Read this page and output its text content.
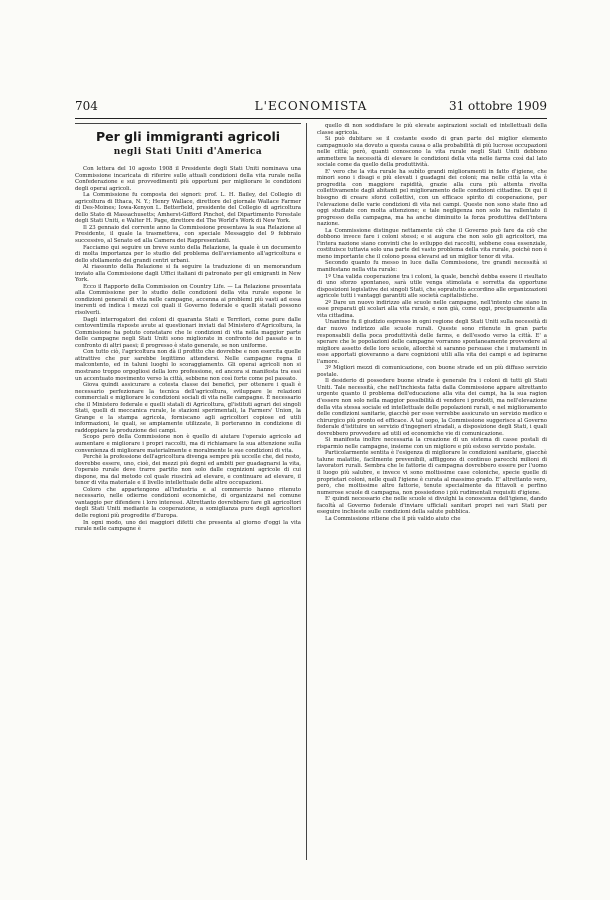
704	L'ECONOMISTA	31 ottobre 1909
Per gli immigranti agricoli
negli Stati Uniti d'America

Con lettera del 10 agosto 1908 il Presidente degli Stati Uniti nominava una Commissione incaricata di riferire sulle attuali condizioni della vita rurale nella Confederazione e sui provvedimenti più opportuni per migliorare le condizioni degli operai agricoli.

La Commissione fu composta dei signori: prof. L. H. Bailey, del Collegio di agricoltura di Ithaca, N. Y.; Henry Wallace, direttore del giornale Wallace Farmer di Des-Moines; Iowa-Kenyon L. Betterfield, presidente del Collegio di agricoltura dello Stato di Massachusetts; Amherst-Gifford Pinchot, del Dipartimento Forestale degli Stati Uniti, e Walter H. Page, direttore del The World's Work di New York.

Il 23 gennaio del corrente anno la Commissione presentava la sua Relazione al Presidente, il quale la trasmetteva, con speciale Messaggio del 9 febbraio successivo, al Senato ed alla Camera dei Rappresentanti.

Facciamo qui seguire un breve sunto della Relazione, la quale è un documento di molta importanza per lo studio del problema dell'avviamento all'agricoltura e dello sfollamento dei grandi centri urbani.

Al riassunto della Relazione si fa seguire la traduzione di un memorandum inviato alla Commissione dagli Uffici italiani di patronato per gli emigranti in New York.

Ecco il Rapporto della Commission on Country Life. — La Relazione presentata alla Commissione per lo studio delle condizioni della vita rurale espone le condizioni generali di vita nelle campagne, accenna ai problemi più vasti ad essa inerenti ed indica i mezzi coi quali il Governo federale e quelli statali possono risolverli.

Dagli interrogatori dei coloni di quaranta Stati e Territori, come pure dalle centoventimila risposte avute ai questionari inviati dal Ministero d'Agricoltura, la Commissione ha potuto constatare che le condizioni di vita nella maggior parte delle campagne negli Stati Uniti sono migliorate in confronto del passato e in confronto di altri paesi; il progresso è stato generale, se non uniforme.

Con tutto ciò, l'agricoltura non dà il profitto che dovrebbe e non esercita quelle attrattive che pur sarebbe legittimo attendersi. Nelle campagne regna il malcontento, ed in taluni luoghi lo scoraggiamento. Gli operai agricoli non si mostrano troppo orgogliosi della loro professione, ed ancora si manifesta tra essi un accentuato movimento verso la città, sebbene non così forte come pel passato.

Giova quindi assicurare a cotesta classe dei benefici, per ottenere i quali è necessario perfezionare la tecnica dell'agricoltura, sviluppare le relazioni commerciali e migliorare le condizioni sociali di vita nelle campagne. È necessario che il Ministero federale e quelli statali di Agricoltura, gl'istituti agrari dei singoli Stati, quelli di meccanica rurale, le stazioni sperimentali, la Farmers' Union, la Grange e la stampa agricola, forniscano agli agricoltori copiose ed utili informazioni, le quali, se ampiamente utilizzate, li porteranno in condizione di raddoppiare la produzione dei campi.

Scopo però della Commissione non è quello di aiutare l'operaio agricolo ad aumentare e migliorare i propri raccolti, ma di richiamare la sua attenzione sulla convenienza di migliorare materialmente e moralmente le sue condizioni di vita.

Perchè la professione dell'agricoltura divenga sempre più uccelle che, del resto, dovrebbe essere, uno, cioè, dei mezzi più degni ed ambiti per guadagnarsi la vita, l'operaio rurale deve trarre partito non solo dalle cognizioni agricole di cui dispone, ma dal metodo col quale riuscirà ad elevare, e continuare ad elevare, il tenor di vita materiale e il livello intellettuale delle altre occupazioni.

Coloro che appartengono all'industria e al commercio hanno ritenuto necessario, nelle odierne condizioni economiche, di organizzarsi nel comune vantaggio per difendere i loro interessi. Altrettanto dovrebbero fare gli agricoltori degli Stati Uniti mediante la cooperazione, a somiglianza pure degli agricoltori delle regioni più progredite d'Europa.

In ogni modo, uno dei maggiori difetti che presenta al giorno d'oggi la vita rurale nelle campagne è

quello di non soddisfare le più elevate aspirazioni sociali ed intellettuali della classe agricola.

Si può dubitare se il costante esodo di gran parte del miglior elemento campagnuolo sia dovuto a questa causa o alla probabilità di più lucrose occupazioni nelle città; però, quanti conoscono la vita rurale negli Stati Uniti debbono ammettere la necessità di elevare le condizioni della vita nelle farms così dal lato sociale come da quello della produttività.

E' vero che la vita rurale ha subìto grandi miglioramenti in fatto d'igiene, che minori sono i disagi e più elevati i guadagni dei coloni; ma nelle città la vita è progredita con maggiore rapidità, grazie alla cura più attenta rivolta collettivamente dagli abitanti pel miglioramento delle condizioni cittadine. Di qui il bisogno di creare sforzi collettivi, con un efficace spirito di cooperazione, per l'elevazione delle varie condizioni di vita nei campi. Queste non sono state fino ad oggi studiate con molta attenzione; e tale negligenza non solo ha rallentato il progresso della campagna, ma ha anche diminuito la forza produttiva dell'intera nazione.

La Commissione distingue nettamente ciò che il Governo può fare da ciò che dobbono invece fare i coloni stessi; e si augura che non solo gli agricoltori, ma l'intera nazione siano convinti che lo sviluppo dei raccolti, sebbene cosa essenziale, costituisce tuttavia solo una parte del vasto problema della vita rurale, poichè non è meno importante che il colono possa elevarsi ad un miglior tenor di vita.

Secondo quanto fu messo in luce dalla Commissione, tre grandi necessità si manifestano nella vita rurale:

1º Una valida cooperazione tra i coloni, la quale, benchè debba essere il risultato di uno sforzo spontaneo, sarà utile venga stimolata e sorretta da opportune disposizioni legislative dei singoli Stati, che sopratutto accordino alle organizzazioni agricole tutti i vantaggi garantiti alle società capitalistiche.

2º Dare un nuovo indirizzo alle scuole nelle campagne, nell'intento che siano in esse preparati gli scolari alla vita rurale, e non già, come oggi, precipuamente alla vita cittadina.

Unanime fu il giudizio espresso in ogni regione degli Stati Uniti sulla necessità di dar nuovo indirizzo alle scuole rurali. Queste sono ritenute in gran parte responsabili della poca produttività delle farms, e dell'esodo verso la città. E' a sperare che le popolazioni delle campagne vorranno spontaneamente provvedere al migliore assetto delle loro scuole, allorchè si saranno persuase che i mutamenti in esse apportati gioveranno a dare cognizioni utili alla vita dei campi e ad ispirarne l'amore.

3º Migliori mezzi di comunicazione, con buone strade ed un più diffuso servizio postale.

Il desiderio di possedere buone strade è generale fra i coloni di tutti gli Stati Uniti. Tale necessità, che nell'inchiesta fatta dalla Commissione appare altrettanto urgente quanto il problema dell'educazione alla vita dei campi, ha la sua ragion d'essere non solo nella maggior possibilità di vendere i prodotti, ma nell'elevazione della vita stessa sociale ed intellettuale delle popolazioni rurali, e nel miglioramento delle condizioni sanitarie, giacchè per esse verrebbe assicurato un servizio medico e chirurgico più pronto ed efficace. A tal uopo, la Commissione suggerisce al Governo federale d'istituire un servizio d'ingegneri stradali, a disposizione degli Stati, i quali dovrebbero provvedere ad utili ed economiche vie di comunicazione.

Si manifesta inoltre necessaria la creazione di un sistema di casse postali di risparmio nelle campagne, insieme con un migliore e più esteso servizio postale.

Particolarmente sentita è l'esigenza di migliorare le condizioni sanitarie, giacchè talune malattie, facilmente prevenibili, affliggono di continuo parecchi milioni di lavoratori rurali. Sembra che le fattorie di campagna dovrebbero essere per l'uomo il luogo più salubre, e invece vi sono moltissime case coloniche, specie quelle di proprietari coloni, nelle quali l'igiene è curata al massimo grado. E' altrettanto vero, però, che moltissime altre fattorie, tenute specialmente da fittavoli e perfino numerose scuole di campagna, non possiedono i più rudimentali requisiti d'igiene.

E' quindi necessario che nelle scuole si divulghi la conoscenza dell'igiene, dando facoltà al Governo federale d'inviare ufficiali sanitari propri nei vari Stati per eseguire inchieste sulle condizioni della salute pubblica.

La Commissione ritiene che il più valido aiuto che
